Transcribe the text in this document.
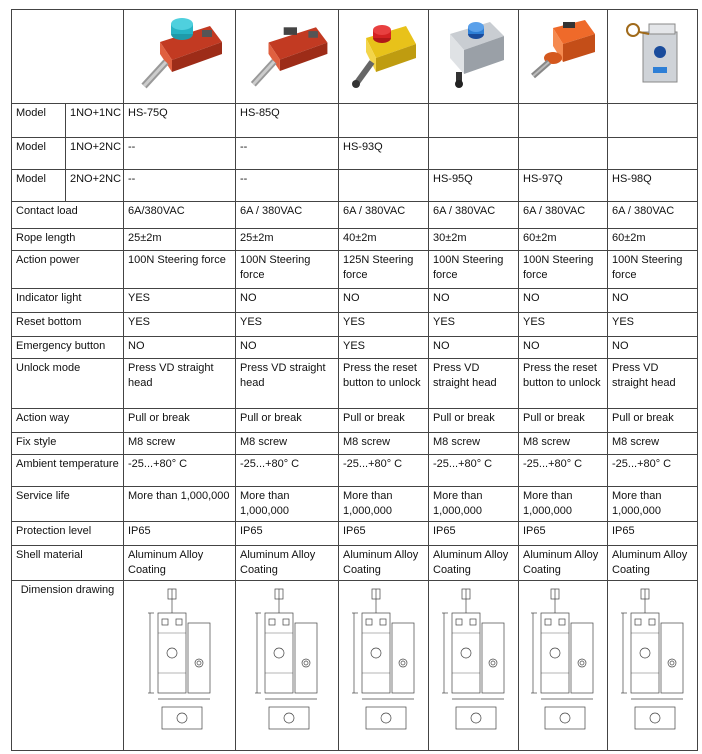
Model	1NO+1NC	HS-75Q	HS-85Q				
Model	1NO+2NC	--	--	HS-93Q			
Model	2NO+2NC	--	--		HS-95Q	HS-97Q	HS-98Q
Contact load		6A/380VAC	6A / 380VAC	6A / 380VAC	6A / 380VAC	6A / 380VAC	6A / 380VAC
Rope length		25±2m	25±2m	40±2m	30±2m	60±2m	60±2m
Action power		100N Steering force	100N Steering force	125N Steering force	100N Steering force	100N Steering force	100N Steering force
Indicator light		YES	NO	NO	NO	NO	NO
Reset bottom		YES	YES	YES	YES	YES	YES
Emergency button		NO	NO	YES	NO	NO	NO
Unlock mode		Press VD straight head	Press VD straight head	Press the reset button to unlock	Press VD straight head	Press the reset button to unlock	Press VD straight head
Action way		Pull or break	Pull or break	Pull or break	Pull or break	Pull or break	Pull or break
Fix style		M8 screw	M8 screw	M8 screw	M8 screw	M8 screw	M8 screw
Ambient temperature		-25...+80° C	-25...+80° C	-25...+80° C	-25...+80° C	-25...+80° C	-25...+80° C
Service life		More than 1,000,000	More than 1,000,000	More than 1,000,000	More than 1,000,000	More than 1,000,000	More than 1,000,000
Protection level		IP65	IP65	IP65	IP65	IP65	IP65
Shell material		Aluminum Alloy Coating	Aluminum Alloy Coating	Aluminum Alloy Coating	Aluminum Alloy Coating	Aluminum Alloy Coating	Aluminum Alloy Coating
Dimension drawing	
